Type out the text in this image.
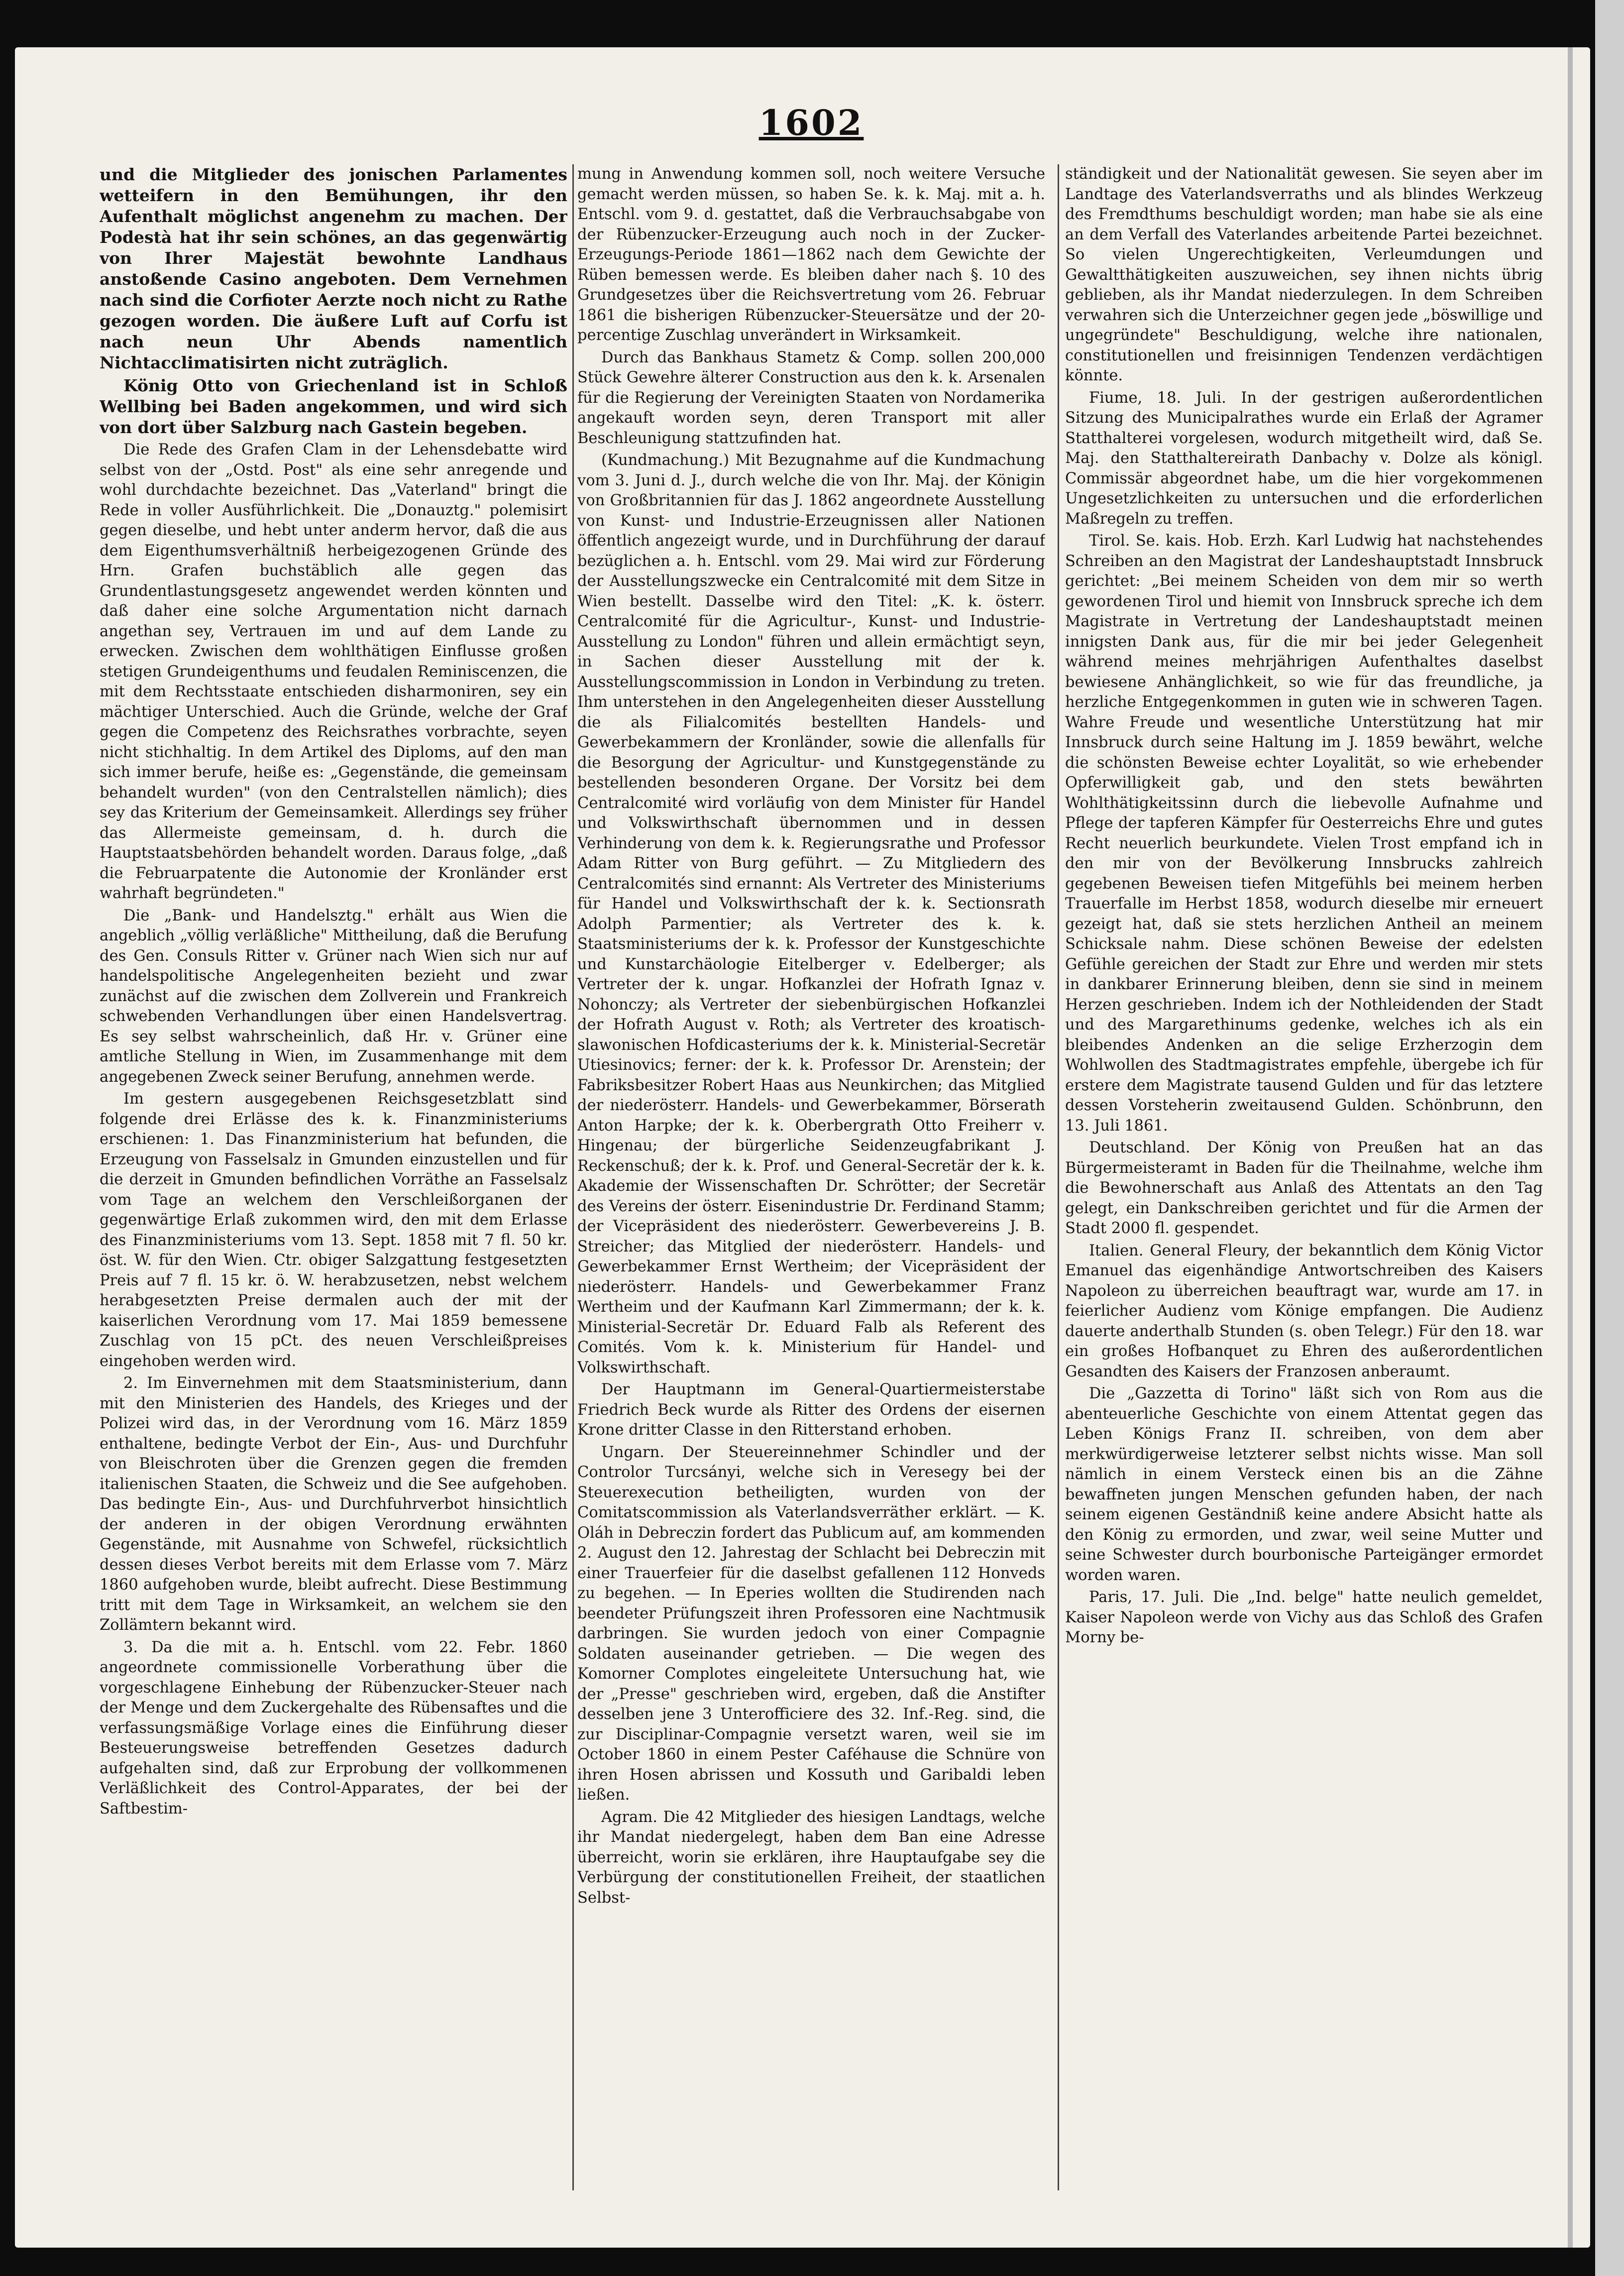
1602

und die Mitglieder des jonischen Parlamentes wetteifern in den Bemühungen, ihr den Aufenthalt möglichst angenehm zu machen. Der Podestà hat ihr sein schönes, an das gegenwärtig von Ihrer Majestät bewohnte Landhaus anstoßende Casino angeboten. Dem Vernehmen nach sind die Corfioter Aerzte noch nicht zu Rathe gezogen worden. Die äußere Luft auf Corfu ist nach neun Uhr Abends namentlich Nichtacclimatisirten nicht zuträglich.

König Otto von Griechenland ist in Schloß Wellbing bei Baden angekommen, und wird sich von dort über Salzburg nach Gastein begeben.

Die Rede des Grafen Clam in der Lehensdebatte wird selbst von der „Ostd. Post" als eine sehr anregende und wohl durchdachte bezeichnet. Das „Vaterland" bringt die Rede in voller Ausführlichkeit. Die „Donauztg." polemisirt gegen dieselbe, und hebt unter anderm hervor, daß die aus dem Eigenthumsverhältniß herbeigezogenen Gründe des Hrn. Grafen buchstäblich alle gegen das Grundentlastungsgesetz angewendet werden könnten und daß daher eine solche Argumentation nicht darnach angethan sey, Vertrauen im und auf dem Lande zu erwecken. Zwischen dem wohlthätigen Einflusse großen stetigen Grundeigenthums und feudalen Reminiscenzen, die mit dem Rechtsstaate entschieden disharmoniren, sey ein mächtiger Unterschied. Auch die Gründe, welche der Graf gegen die Competenz des Reichsrathes vorbrachte, seyen nicht stichhaltig. In dem Artikel des Diploms, auf den man sich immer berufe, heiße es: „Gegenstände, die gemeinsam behandelt wurden" (von den Centralstellen nämlich); dies sey das Kriterium der Gemeinsamkeit. Allerdings sey früher das Allermeiste gemeinsam, d. h. durch die Hauptstaatsbehörden behandelt worden. Daraus folge, „daß die Februarpatente die Autonomie der Kronländer erst wahrhaft begründeten."

Die „Bank- und Handelsztg." erhält aus Wien die angeblich „völlig verläßliche" Mittheilung, daß die Berufung des Gen. Consuls Ritter v. Grüner nach Wien sich nur auf handelspolitische Angelegenheiten bezieht und zwar zunächst auf die zwischen dem Zollverein und Frankreich schwebenden Verhandlungen über einen Handelsvertrag. Es sey selbst wahrscheinlich, daß Hr. v. Grüner eine amtliche Stellung in Wien, im Zusammenhange mit dem angegebenen Zweck seiner Berufung, annehmen werde.

Im gestern ausgegebenen Reichsgesetzblatt sind folgende drei Erlässe des k. k. Finanzministeriums erschienen: 1. Das Finanzministerium hat befunden, die Erzeugung von Fasselsalz in Gmunden einzustellen und für die derzeit in Gmunden befindlichen Vorräthe an Fasselsalz vom Tage an welchem den Verschleißorganen der gegenwärtige Erlaß zukommen wird, den mit dem Erlasse des Finanzministeriums vom 13. Sept. 1858 mit 7 fl. 50 kr. öst. W. für den Wien. Ctr. obiger Salzgattung festgesetzten Preis auf 7 fl. 15 kr. ö. W. herabzusetzen, nebst welchem herabgesetzten Preise dermalen auch der mit der kaiserlichen Verordnung vom 17. Mai 1859 bemessene Zuschlag von 15 pCt. des neuen Verschleißpreises eingehoben werden wird.

2. Im Einvernehmen mit dem Staatsministerium, dann mit den Ministerien des Handels, des Krieges und der Polizei wird das, in der Verordnung vom 16. März 1859 enthaltene, bedingte Verbot der Ein-, Aus- und Durchfuhr von Bleischroten über die Grenzen gegen die fremden italienischen Staaten, die Schweiz und die See aufgehoben. Das bedingte Ein-, Aus- und Durchfuhrverbot hinsichtlich der anderen in der obigen Verordnung erwähnten Gegenstände, mit Ausnahme von Schwefel, rücksichtlich dessen dieses Verbot bereits mit dem Erlasse vom 7. März 1860 aufgehoben wurde, bleibt aufrecht. Diese Bestimmung tritt mit dem Tage in Wirksamkeit, an welchem sie den Zollämtern bekannt wird.

3. Da die mit a. h. Entschl. vom 22. Febr. 1860 angeordnete commissionelle Vorberathung über die vorgeschlagene Einhebung der Rübenzucker-Steuer nach der Menge und dem Zuckergehalte des Rübensaftes und die verfassungsmäßige Vorlage eines die Einführung dieser Besteuerungsweise betreffenden Gesetzes dadurch aufgehalten sind, daß zur Erprobung der vollkommenen Verläßlichkeit des Control-Apparates, der bei der Saftbestim-

mung in Anwendung kommen soll, noch weitere Versuche gemacht werden müssen, so haben Se. k. k. Maj. mit a. h. Entschl. vom 9. d. gestattet, daß die Verbrauchsabgabe von der Rübenzucker-Erzeugung auch noch in der Zucker-Erzeugungs-Periode 1861—1862 nach dem Gewichte der Rüben bemessen werde. Es bleiben daher nach §. 10 des Grundgesetzes über die Reichsvertretung vom 26. Februar 1861 die bisherigen Rübenzucker-Steuersätze und der 20-percentige Zuschlag unverändert in Wirksamkeit.

Durch das Bankhaus Stametz & Comp. sollen 200,000 Stück Gewehre älterer Construction aus den k. k. Arsenalen für die Regierung der Vereinigten Staaten von Nordamerika angekauft worden seyn, deren Transport mit aller Beschleunigung stattzufinden hat.

(Kundmachung.) Mit Bezugnahme auf die Kundmachung vom 3. Juni d. J., durch welche die von Ihr. Maj. der Königin von Großbritannien für das J. 1862 angeordnete Ausstellung von Kunst- und Industrie-Erzeugnissen aller Nationen öffentlich angezeigt wurde, und in Durchführung der darauf bezüglichen a. h. Entschl. vom 29. Mai wird zur Förderung der Ausstellungszwecke ein Centralcomité mit dem Sitze in Wien bestellt. Dasselbe wird den Titel: „K. k. österr. Centralcomité für die Agricultur-, Kunst- und Industrie-Ausstellung zu London" führen und allein ermächtigt seyn, in Sachen dieser Ausstellung mit der k. Ausstellungscommission in London in Verbindung zu treten. Ihm unterstehen in den Angelegenheiten dieser Ausstellung die als Filialcomités bestellten Handels- und Gewerbekammern der Kronländer, sowie die allenfalls für die Besorgung der Agricultur- und Kunstgegenstände zu bestellenden besonderen Organe. Der Vorsitz bei dem Centralcomité wird vorläufig von dem Minister für Handel und Volkswirthschaft übernommen und in dessen Verhinderung von dem k. k. Regierungsrathe und Professor Adam Ritter von Burg geführt. — Zu Mitgliedern des Centralcomités sind ernannt: Als Vertreter des Ministeriums für Handel und Volkswirthschaft der k. k. Sectionsrath Adolph Parmentier; als Vertreter des k. k. Staatsministeriums der k. k. Professor der Kunstgeschichte und Kunstarchäologie Eitelberger v. Edelberger; als Vertreter der k. ungar. Hofkanzlei der Hofrath Ignaz v. Nohonczy; als Vertreter der siebenbürgischen Hofkanzlei der Hofrath August v. Roth; als Vertreter des kroatisch-slawonischen Hofdicasteriums der k. k. Ministerial-Secretär Utiesinovics; ferner: der k. k. Professor Dr. Arenstein; der Fabriksbesitzer Robert Haas aus Neunkirchen; das Mitglied der niederösterr. Handels- und Gewerbekammer, Börserath Anton Harpke; der k. k. Oberbergrath Otto Freiherr v. Hingenau; der bürgerliche Seidenzeugfabrikant J. Reckenschuß; der k. k. Prof. und General-Secretär der k. k. Akademie der Wissenschaften Dr. Schrötter; der Secretär des Vereins der österr. Eisenindustrie Dr. Ferdinand Stamm; der Vicepräsident des niederösterr. Gewerbevereins J. B. Streicher; das Mitglied der niederösterr. Handels- und Gewerbekammer Ernst Wertheim; der Vicepräsident der niederösterr. Handels- und Gewerbekammer Franz Wertheim und der Kaufmann Karl Zimmermann; der k. k. Ministerial-Secretär Dr. Eduard Falb als Referent des Comités. Vom k. k. Ministerium für Handel- und Volkswirthschaft.

Der Hauptmann im General-Quartiermeisterstabe Friedrich Beck wurde als Ritter des Ordens der eisernen Krone dritter Classe in den Ritterstand erhoben.

Ungarn. Der Steuereinnehmer Schindler und der Controlor Turcsányi, welche sich in Veresegy bei der Steuerexecution betheiligten, wurden von der Comitatscommission als Vaterlandsverräther erklärt. — K. Oláh in Debreczin fordert das Publicum auf, am kommenden 2. August den 12. Jahrestag der Schlacht bei Debreczin mit einer Trauerfeier für die daselbst gefallenen 112 Honveds zu begehen. — In Eperies wollten die Studirenden nach beendeter Prüfungszeit ihren Professoren eine Nachtmusik darbringen. Sie wurden jedoch von einer Compagnie Soldaten auseinander getrieben. — Die wegen des Komorner Complotes eingeleitete Untersuchung hat, wie der „Presse" geschrieben wird, ergeben, daß die Anstifter desselben jene 3 Unterofficiere des 32. Inf.-Reg. sind, die zur Disciplinar-Compagnie versetzt waren, weil sie im October 1860 in einem Pester Caféhause die Schnüre von ihren Hosen abrissen und Kossuth und Garibaldi leben ließen.

Agram. Die 42 Mitglieder des hiesigen Landtags, welche ihr Mandat niedergelegt, haben dem Ban eine Adresse überreicht, worin sie erklären, ihre Hauptaufgabe sey die Verbürgung der constitutionellen Freiheit, der staatlichen Selbst-

ständigkeit und der Nationalität gewesen. Sie seyen aber im Landtage des Vaterlandsverraths und als blindes Werkzeug des Fremdthums beschuldigt worden; man habe sie als eine an dem Verfall des Vaterlandes arbeitende Partei bezeichnet. So vielen Ungerechtigkeiten, Verleumdungen und Gewaltthätigkeiten auszuweichen, sey ihnen nichts übrig geblieben, als ihr Mandat niederzulegen. In dem Schreiben verwahren sich die Unterzeichner gegen jede „böswillige und ungegründete" Beschuldigung, welche ihre nationalen, constitutionellen und freisinnigen Tendenzen verdächtigen könnte.

Fiume, 18. Juli. In der gestrigen außerordentlichen Sitzung des Municipalrathes wurde ein Erlaß der Agramer Statthalterei vorgelesen, wodurch mitgetheilt wird, daß Se. Maj. den Statthaltereirath Danbachy v. Dolze als königl. Commissär abgeordnet habe, um die hier vorgekommenen Ungesetzlichkeiten zu untersuchen und die erforderlichen Maßregeln zu treffen.

Tirol. Se. kais. Hob. Erzh. Karl Ludwig hat nachstehendes Schreiben an den Magistrat der Landeshauptstadt Innsbruck gerichtet: „Bei meinem Scheiden von dem mir so werth gewordenen Tirol und hiemit von Innsbruck spreche ich dem Magistrate in Vertretung der Landeshauptstadt meinen innigsten Dank aus, für die mir bei jeder Gelegenheit während meines mehrjährigen Aufenthaltes daselbst bewiesene Anhänglichkeit, so wie für das freundliche, ja herzliche Entgegenkommen in guten wie in schweren Tagen. Wahre Freude und wesentliche Unterstützung hat mir Innsbruck durch seine Haltung im J. 1859 bewährt, welche die schönsten Beweise echter Loyalität, so wie erhebender Opferwilligkeit gab, und den stets bewährten Wohlthätigkeitssinn durch die liebevolle Aufnahme und Pflege der tapferen Kämpfer für Oesterreichs Ehre und gutes Recht neuerlich beurkundete. Vielen Trost empfand ich in den mir von der Bevölkerung Innsbrucks zahlreich gegebenen Beweisen tiefen Mitgefühls bei meinem herben Trauerfalle im Herbst 1858, wodurch dieselbe mir erneuert gezeigt hat, daß sie stets herzlichen Antheil an meinem Schicksale nahm. Diese schönen Beweise der edelsten Gefühle gereichen der Stadt zur Ehre und werden mir stets in dankbarer Erinnerung bleiben, denn sie sind in meinem Herzen geschrieben. Indem ich der Nothleidenden der Stadt und des Margarethinums gedenke, welches ich als ein bleibendes Andenken an die selige Erzherzogin dem Wohlwollen des Stadtmagistrates empfehle, übergebe ich für erstere dem Magistrate tausend Gulden und für das letztere dessen Vorsteherin zweitausend Gulden. Schönbrunn, den 13. Juli 1861.

Deutschland. Der König von Preußen hat an das Bürgermeisteramt in Baden für die Theilnahme, welche ihm die Bewohnerschaft aus Anlaß des Attentats an den Tag gelegt, ein Dankschreiben gerichtet und für die Armen der Stadt 2000 fl. gespendet.

Italien. General Fleury, der bekanntlich dem König Victor Emanuel das eigenhändige Antwortschreiben des Kaisers Napoleon zu überreichen beauftragt war, wurde am 17. in feierlicher Audienz vom Könige empfangen. Die Audienz dauerte anderthalb Stunden (s. oben Telegr.) Für den 18. war ein großes Hofbanquet zu Ehren des außerordentlichen Gesandten des Kaisers der Franzosen anberaumt.

Die „Gazzetta di Torino" läßt sich von Rom aus die abenteuerliche Geschichte von einem Attentat gegen das Leben Königs Franz II. schreiben, von dem aber merkwürdigerweise letzterer selbst nichts wisse. Man soll nämlich in einem Versteck einen bis an die Zähne bewaffneten jungen Menschen gefunden haben, der nach seinem eigenen Geständniß keine andere Absicht hatte als den König zu ermorden, und zwar, weil seine Mutter und seine Schwester durch bourbonische Parteigänger ermordet worden waren.

Paris, 17. Juli. Die „Ind. belge" hatte neulich gemeldet, Kaiser Napoleon werde von Vichy aus das Schloß des Grafen Morny be-
